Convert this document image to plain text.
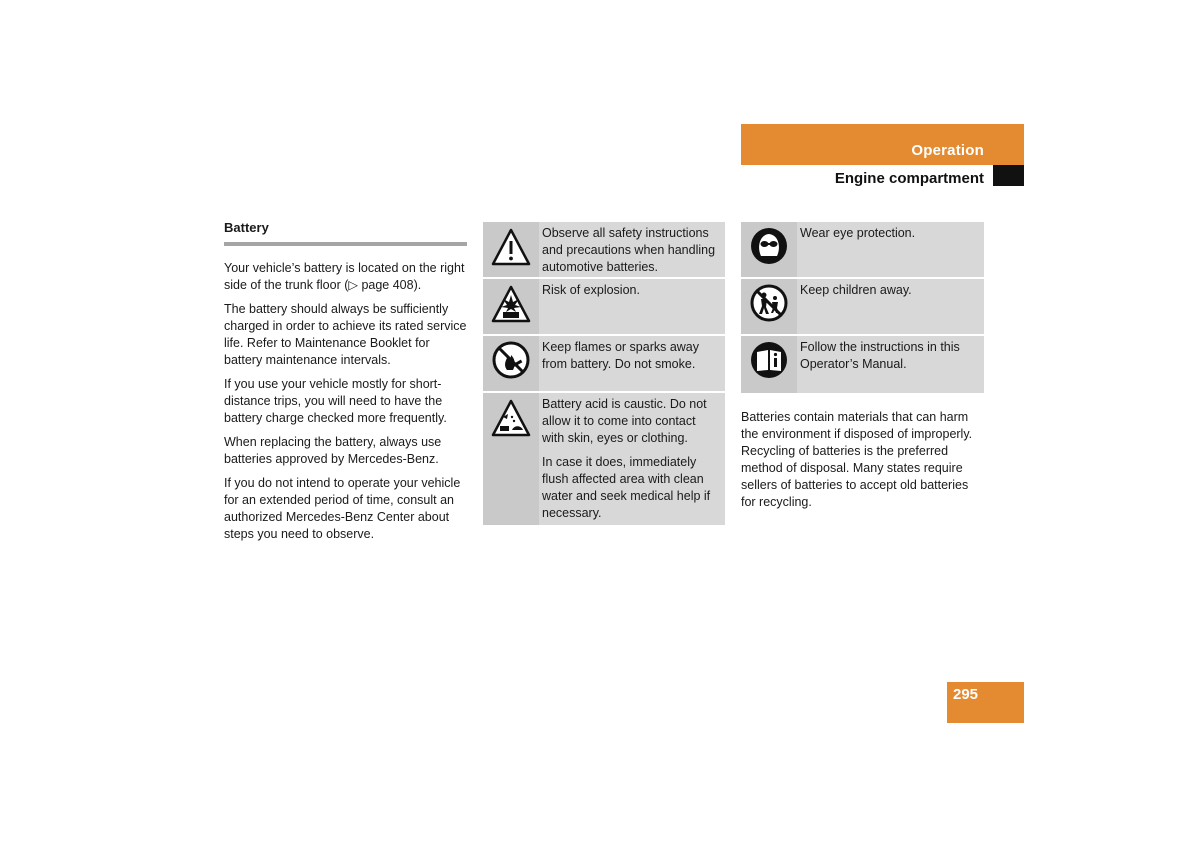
Operation
Engine compartment
Battery

Your vehicle’s battery is located on the right side of the trunk floor (▷ page 408).

The battery should always be sufficiently charged in order to achieve its rated service life. Refer to Maintenance Booklet for battery maintenance intervals.

If you use your vehicle mostly for short-distance trips, you will need to have the battery charge checked more frequently.

When replacing the battery, always use batteries approved by Mercedes-Benz.

If you do not intend to operate your vehicle for an extended period of time, consult an authorized Mercedes-Benz Center about steps you need to observe.

Observe all safety instructions and precautions when handling automotive batteries.
Risk of explosion.
Keep flames or sparks away from battery. Do not smoke.

Battery acid is caustic. Do not allow it to come into contact with skin, eyes or clothing.

In case it does, immediately flush affected area with clean water and seek medical help if necessary.

Wear eye protection.
Keep children away.
Follow the instructions in this Operator’s Manual.
Batteries contain materials that can harm the environment if disposed of improperly. Recycling of batteries is the preferred method of disposal. Many states require sellers of batteries to accept old batteries for recycling.
295
